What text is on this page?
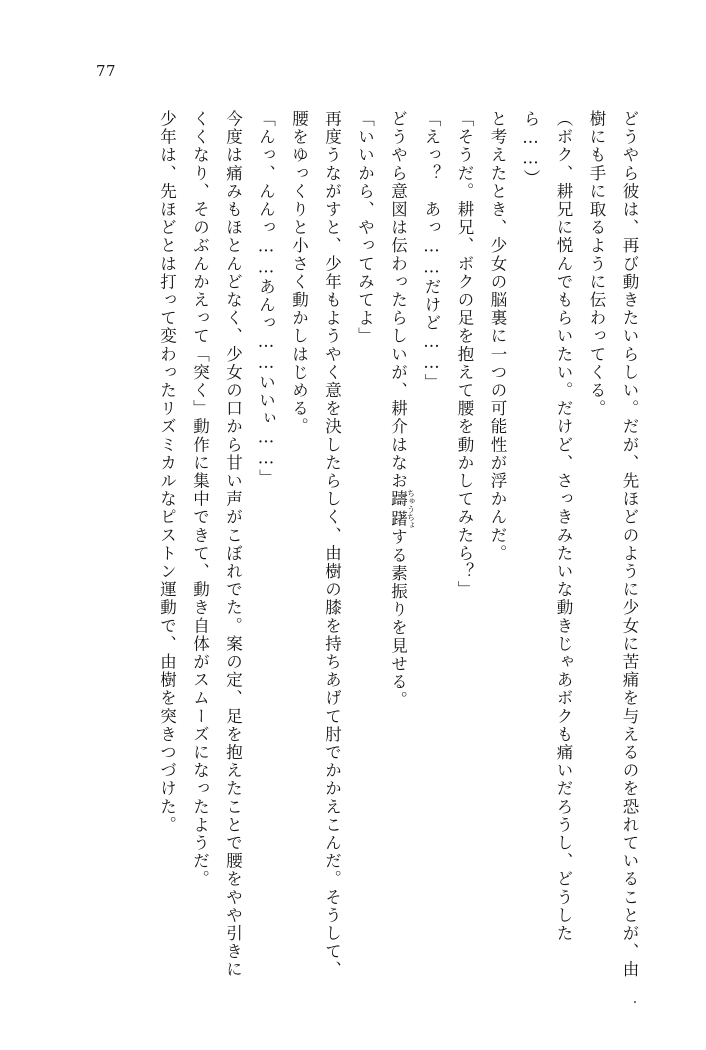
77

どうやら彼は、再び動きたいらしい。だが、先ほどのように少女に苦痛を与えるのを恐れていることが、由樹にも手に取るように伝わってくる。

（ボク、耕兄に悦んでもらいたい。だけど、さっきみたいな動きじゃあボクも痛いだろうし、どうしたら……）

と考えたとき、少女の脳裏に一つの可能性が浮かんだ。

「そうだ。耕兄、ボクの足を抱えて腰を動かしてみたら？」

「えっ？　あっ……だけど……」

どうやら意図は伝わったらしいが、耕介はなお躊躇 ちゅうちょする素振りを見せる。

「いいから、やってみてよ」

再度うながすと、少年もようやく意を決したらしく、由樹の膝を持ちあげて肘でかかえこんだ。そうして、腰をゆっくりと小さく動かしはじめる。

「んっ、んんっ……あんっ……いいぃ……」

今度は痛みもほとんどなく、少女の口から甘い声がこぼれでた。案の定、足を抱えたことで腰をやや引きにくくなり、そのぶんかえって「突く」動作に集中できて、動き自体がスムーズになったようだ。

少年は、先ほどとは打って変わったリズミカルなピストン運動で、由樹を突きつづけた。
